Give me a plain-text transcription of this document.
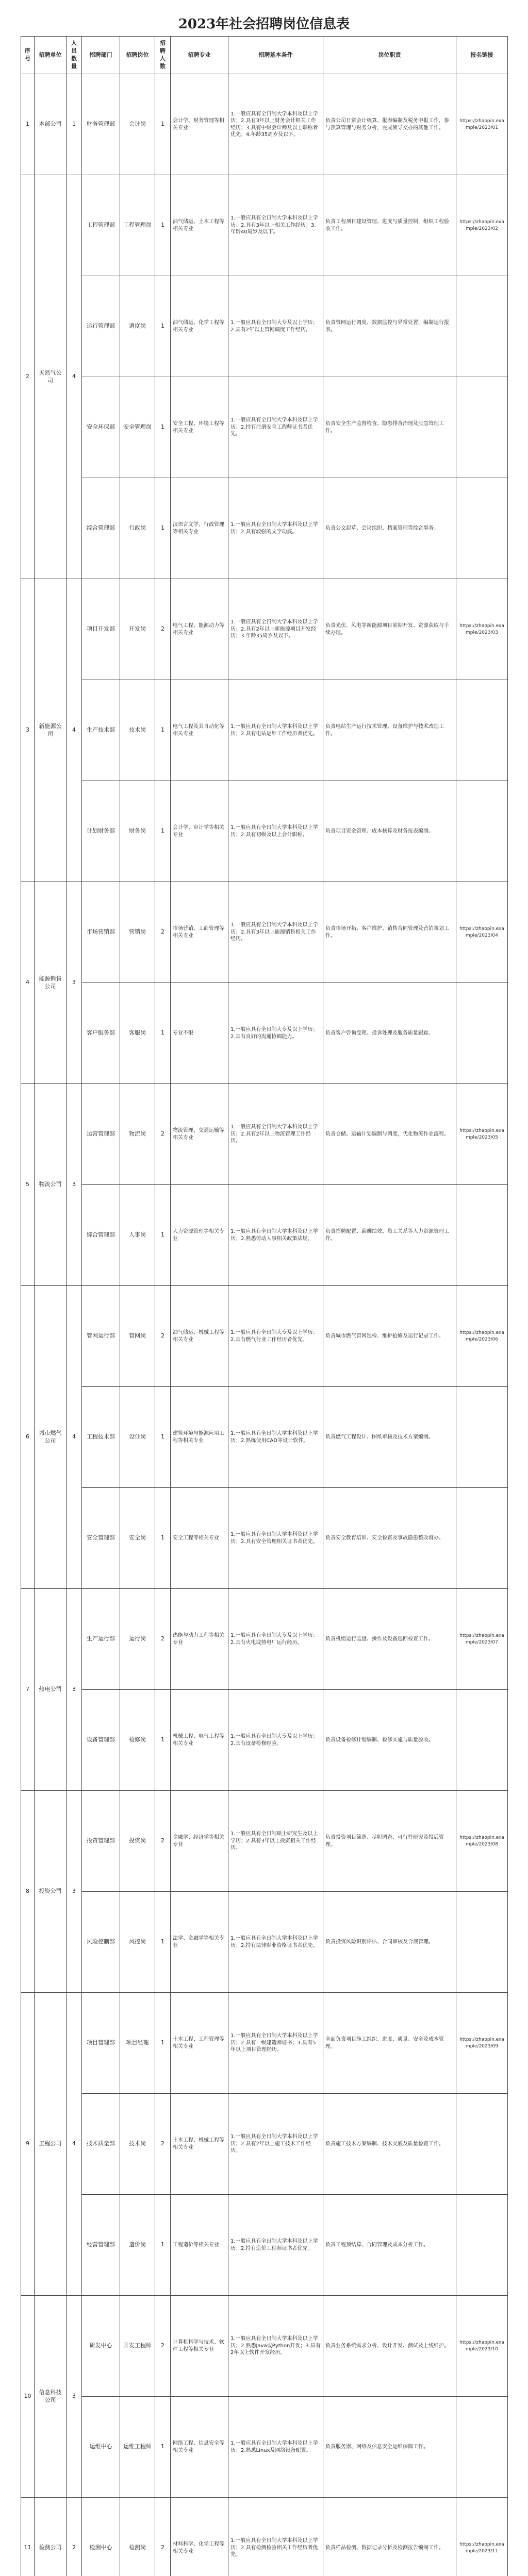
2023年社会招聘岗位信息表
序号	招聘单位	人员数量	招聘部门	招聘岗位	招聘人数	招聘专业	招聘基本条件	岗位职责	报名链接
1	本部公司	1	财务管理部	会计岗	1	会计学、财务管理等相关专业	1.一般应具有全日制大学本科及以上学历；2.具有3年以上财务会计相关工作经历；3.具有中级会计师及以上职称者优先；4.年龄35周岁及以下。	负责公司日常会计核算、报表编制及税务申报工作，参与预算管理与财务分析，完成领导交办的其他工作。	https://zhaopin.example/2023/01
2	天然气公司	4	工程管理部	工程管理岗	1	油气储运、土木工程等相关专业	1.一般应具有全日制大学本科及以上学历；2.具有3年以上相关工作经历；3.年龄40周岁及以下。	负责工程项目建设管理、进度与质量控制，组织工程验收工作。	https://zhaopin.example/2023/02
			运行管理部	调度岗	1	油气储运、化学工程等相关专业	1.一般应具有全日制大专及以上学历；2.具有2年以上管网调度工作经历。	负责管网运行调度、数据监控与异常处置，编制运行报表。	
			安全环保部	安全管理岗	1	安全工程、环境工程等相关专业	1.一般应具有全日制大学本科及以上学历；2.持有注册安全工程师证书者优先。	负责安全生产监督检查、隐患排查治理及应急管理工作。	
			综合管理部	行政岗	1	汉语言文学、行政管理等相关专业	1.一般应具有全日制大学本科及以上学历；2.具有较强的文字功底。	负责公文起草、会议组织、档案管理等综合事务。	
3	新能源公司	4	项目开发部	开发岗	2	电气工程、能源动力等相关专业	1.一般应具有全日制大学本科及以上学历；2.具有2年以上新能源项目开发经历；3.年龄35周岁及以下。	负责光伏、风电等新能源项目前期开发、资源获取与手续办理。	https://zhaopin.example/2023/03
			生产技术部	技术岗	1	电气工程及其自动化等相关专业	1.一般应具有全日制大学本科及以上学历；2.具有电站运维工作经历者优先。	负责电站生产运行技术管理、设备维护与技术改造工作。	
			计划财务部	财务岗	1	会计学、审计学等相关专业	1.一般应具有全日制大学本科及以上学历；2.具有初级及以上会计职称。	负责项目资金管理、成本核算及财务报表编制。	
4	能源销售公司	3	市场营销部	营销岗	2	市场营销、工商管理等相关专业	1.一般应具有全日制大学本科及以上学历；2.具有3年以上能源销售相关工作经历。	负责市场开拓、客户维护、销售合同管理及营销策划工作。	https://zhaopin.example/2023/04
			客户服务部	客服岗	1	专业不限	1.一般应具有全日制大专及以上学历；2.具有良好的沟通协调能力。	负责客户咨询受理、投诉处理及服务质量跟踪。	
5	物流公司	3	运营管理部	物流岗	2	物流管理、交通运输等相关专业	1.一般应具有全日制大学本科及以上学历；2.具有2年以上物流管理工作经历。	负责仓储、运输计划编制与调度，优化物流作业流程。	https://zhaopin.example/2023/05
			综合管理部	人事岗	1	人力资源管理等相关专业	1.一般应具有全日制大学本科及以上学历；2.熟悉劳动人事相关政策法规。	负责招聘配置、薪酬绩效、员工关系等人力资源管理工作。	
6	城市燃气公司	4	管网运行部	管网岗	2	油气储运、机械工程等相关专业	1.一般应具有全日制大专及以上学历；2.具有燃气行业工作经历者优先。	负责城市燃气管网巡检、维护抢修及运行记录工作。	https://zhaopin.example/2023/06
			工程技术部	设计岗	1	建筑环境与能源应用工程等相关专业	1.一般应具有全日制大学本科及以上学历；2.熟练使用CAD等设计软件。	负责燃气工程设计、图纸审核及技术方案编制。	
			安全管理部	安全岗	1	安全工程等相关专业	1.一般应具有全日制大学本科及以上学历；2.具有安全管理相关证书者优先。	负责安全教育培训、安全检查及事故隐患整改督办。	
7	热电公司	3	生产运行部	运行岗	2	热能与动力工程等相关专业	1.一般应具有全日制大专及以上学历；2.具有火电或热电厂运行经历。	负责机组运行监盘、操作及设备巡回检查工作。	https://zhaopin.example/2023/07
			设备管理部	检修岗	1	机械工程、电气工程等相关专业	1.一般应具有全日制大专及以上学历；2.具有设备检修经验。	负责设备检修计划编制、检修实施与质量验收。	
8	投资公司	3	投资管理部	投资岗	2	金融学、经济学等相关专业	1.一般应具有全日制硕士研究生及以上学历；2.具有3年以上投资相关工作经历。	负责投资项目筛选、尽职调查、可行性研究及投后管理。	https://zhaopin.example/2023/08
			风险控制部	风控岗	1	法学、金融学等相关专业	1.一般应具有全日制大学本科及以上学历；2.持有法律职业资格证书者优先。	负责投资风险识别评估、合同审核及合规管理。	
9	工程公司	4	项目管理部	项目经理	1	土木工程、工程管理等相关专业	1.一般应具有全日制大学本科及以上学历；2.具有一级建造师证书；3.具有5年以上项目管理经历。	全面负责项目施工组织、进度、质量、安全及成本管理。	https://zhaopin.example/2023/09
			技术质量部	技术岗	2	土木工程、机械工程等相关专业	1.一般应具有全日制大学本科及以上学历；2.具有2年以上施工技术工作经历。	负责施工技术方案编制、技术交底及质量检查工作。	
			经营管理部	造价岗	1	工程造价等相关专业	1.一般应具有全日制大学本科及以上学历；2.持有造价工程师证书者优先。	负责工程预结算、合同管理及成本分析工作。	
10	信息科技公司	3	研发中心	开发工程师	2	计算机科学与技术、软件工程等相关专业	1.一般应具有全日制大学本科及以上学历；2.熟悉Java或Python开发；3.具有2年以上软件开发经历。	负责业务系统需求分析、设计开发、测试及上线维护。	https://zhaopin.example/2023/10
			运维中心	运维工程师	1	网络工程、信息安全等相关专业	1.一般应具有全日制大学本科及以上学历；2.熟悉Linux及网络设备配置。	负责服务器、网络及信息安全运维保障工作。	
11	检测公司	2	检测中心	检测岗	2	材料科学、化学工程等相关专业	1.一般应具有全日制大学本科及以上学历；2.具有检测检验相关工作经历者优先。	负责样品检测、数据记录分析及检测报告编制工作。	https://zhaopin.example/2023/11
